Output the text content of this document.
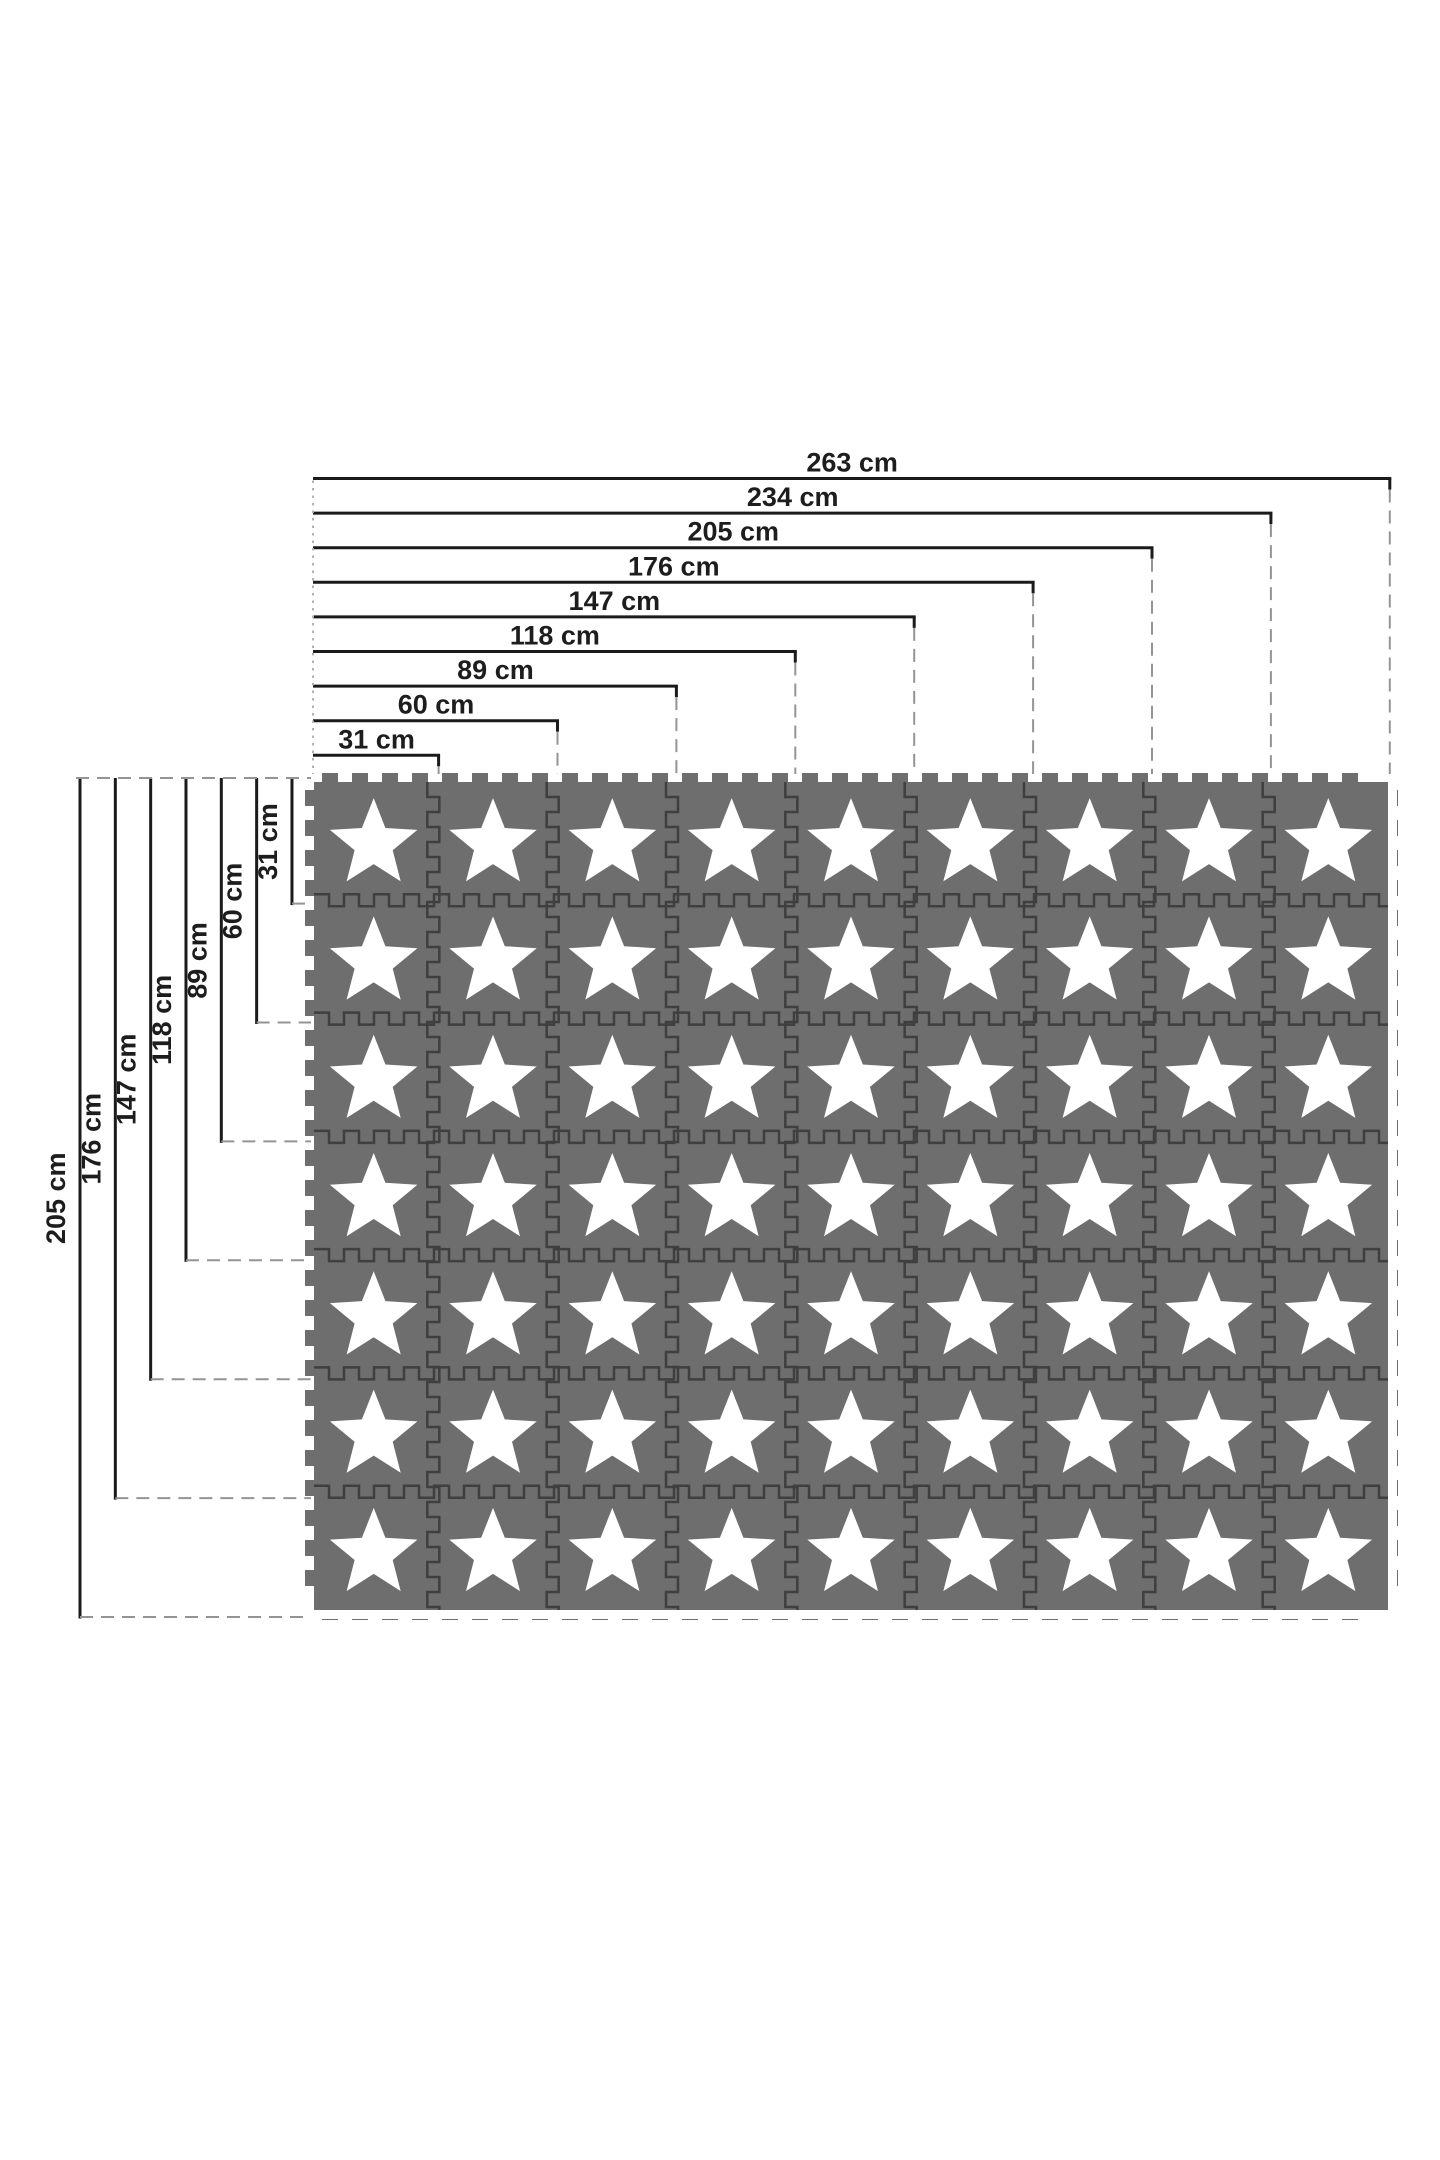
263 cm
234 cm
205 cm
176 cm
147 cm
118 cm
89 cm
60 cm
31 cm
205 cm
176 cm
147 cm
118 cm
89 cm
60 cm
31 cm
